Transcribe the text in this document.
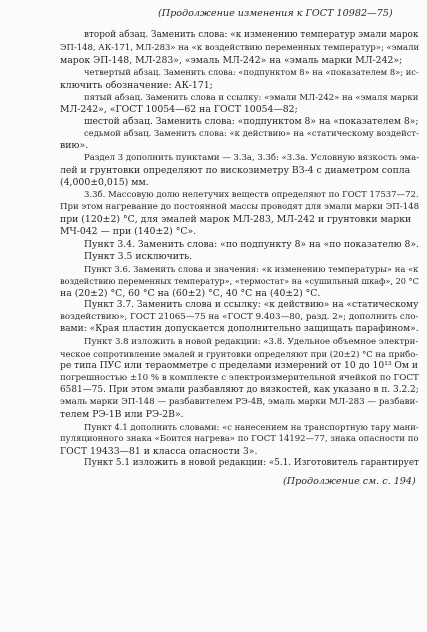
(Продолжение изменения к ГОСТ 10982—75)
второй абзац. Заменить слова: «к изменению температур эмали марок
ЭП-148, АК-171, МЛ-283» на «к воздействию переменных температур»; «эмали
марок ЭП-148, МЛ-283», «эмаль МЛ-242» на «эмаль марки МЛ-242»;
четвертый абзац. Заменить слова: «подпунктом 8» на «показателем 8»; ис-
ключить обозначение: АК-171;
пятый абзац. Заменить слова и ссылку: «эмали МЛ-242» на «эмаля марки
МЛ-242», «ГОСТ 10054—62 на ГОСТ 10054—82;
шестой абзац. Заменить слова: «подпунктом 8» на «показателем 8»;
седьмой абзац. Заменить слова: «к действию» на «статическому воздейст-
вию».
Раздел 3 дополнить пунктами — 3.3а, 3.3б: «3.3а. Условную вязкость эма-
лей и грунтовки определяют по вискозиметру ВЗ-4 с диаметром сопла
(4,000±0,015) мм.
3.3б. Массовую долю нелетучих веществ определяют по ГОСТ 17537—72.
При этом нагревание до постоянной массы проводят для эмали марки ЭП-148
при (120±2) °С, для эмалей марок МЛ-283, МЛ-242 и грунтовки марки
МЧ-042 — при (140±2) °С».
Пункт 3.4. Заменить слова: «по подпункту 8» на «по показателю 8».
Пункт 3.5 исключить.
Пункт 3.6. Заменить слова и значения: «к изменению температуры» на «к
воздействию переменных температур», «термостат» на «сушильный шкаф», 20 °С
на (20±2) °С, 60 °С на (60±2) °С, 40 °С на (40±2) °С.
Пункт 3.7. Заменить слова и ссылку: «к действию» на «статическому
воздействию», ГОСТ 21065—75 на «ГОСТ 9.403—80, разд. 2»; дополнить сло-
вами: «Края пластин допускается дополнительно защищать парафином».
Пункт 3.8 изложить в новой редакции: «3.8. Удельное объемное электри-
ческое сопротивление эмалей и грунтовки определяют при (20±2) °С на прибо-
ре типа ПУС или тераомметре с пределами измерений от 10 до 10¹³ Ом и
погрешностью ±10 % в комплекте с электроизмерительной ячейкой по ГОСТ
6581—75. При этом эмали разбавляют до вязкостей, как указано в п. 3.2.2;
эмаль марки ЭП-148 — разбавителем РЭ-4В, эмаль марки МЛ-283 — разбави-
телем РЭ-1В или РЭ-2В».
Пункт 4.1 дополнить словами: «с нанесением на транспортную тару мани-
пуляционного знака «Боится нагрева» по ГОСТ 14192—77, знака опасности по
ГОСТ 19433—81 и класса опасности 3».
Пункт 5.1 изложить в новой редакции: «5.1. Изготовитель гарантирует
(Продолжение см. с. 194)
